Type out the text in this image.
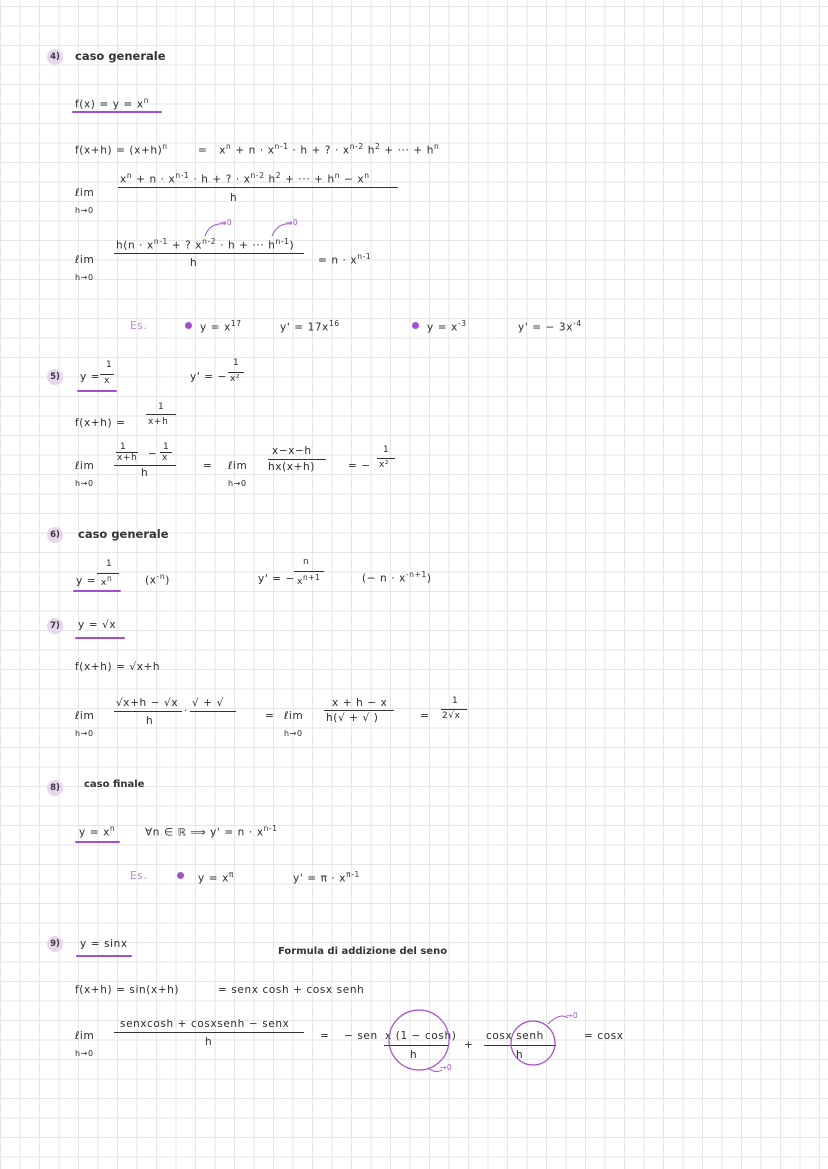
4) caso generale
$f(x) = y = x^n$
$f(x+h) = (x+h)^n$	=   $x^n + n \cdot x^{n-1} \cdot h$ + ? · $x^{n-2}$ $h^2$ + ··· + $h^n$
$x^n + n \cdot x^{n-1} \cdot h$ + ? · $x^{n-2}$ $h^2$ + ··· + $h^n - x^n$
h
ℓim
h→0
$h(n \cdot x^{n-1}$ + ? $x^{n-2} \cdot h$ + ··· $h^{n-1}$)
→0	→0
h	= $n \cdot x^{n-1}$
ℓim
h→0
Es.	$y = x^{17}$	$y' = 17x^{16}$	$y = x^{-3}$	y' = − $3x^{-4}$
5) y =
1
x	y' = −
1
x²
f(x+h) =
1
x+h
1
x+h −
1
x
h
ℓim
h→0
= ℓim
h→0
x−x−h
hx(x+h)	= −
1
x²
6) caso generale
y =
1
$x^n$	$(x^{-n})$	y' = −
n
$x^{n+1}$	(− $n \cdot x^{-n+1}$)
7) y = √x
f(x+h) = √x+h
√x+h − √x
h
·
√ + √
ℓim
h→0
= ℓim
h→0
x + h − x
h(√ + √ )	=
1
2√x
8)	caso finale
$y = x^n$	∀n ∈ ℝ ⟹ $y' = n \cdot x^{n-1}$
Es.	$y = x^\pi$	$y' = \pi \cdot x^{\pi-1}$
9) y = sinx
Formula di addizione del seno
f(x+h) = sin(x+h)	= senx cosh + cosx senh
senxcosh + cosxsenh − senx
h
ℓim
h→0
= − sen x (1 − cosh)
h
+
cosx senh
h
= cosx
→0
→0
